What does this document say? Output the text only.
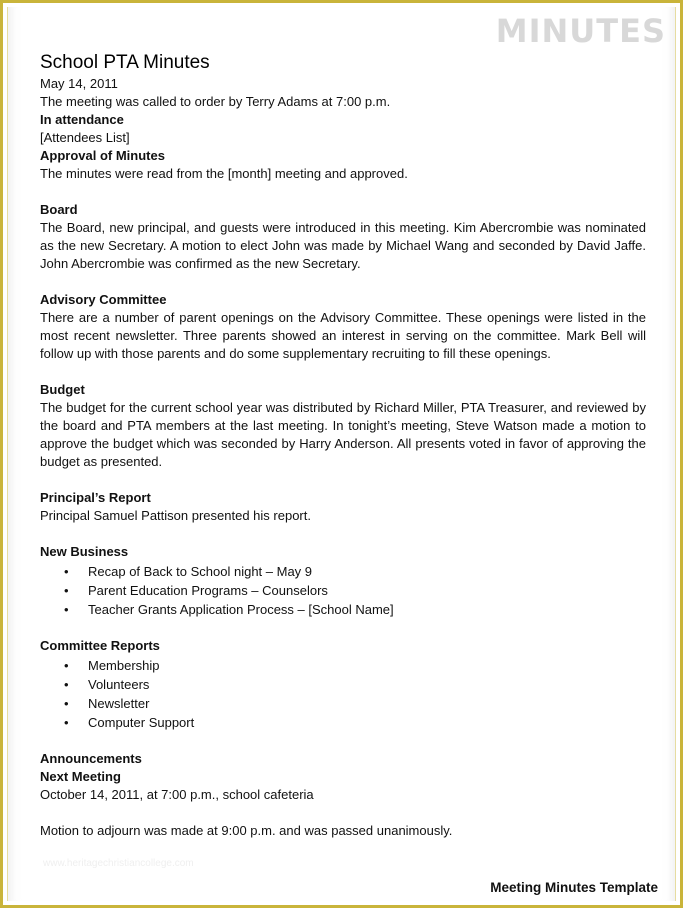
MINUTES
School PTA Minutes

May 14, 2011

The meeting was called to order by Terry Adams at 7:00 p.m.

In attendance

[Attendees List]

Approval of Minutes

The minutes were read from the [month] meeting and approved.

Board

The Board, new principal, and guests were introduced in this meeting. Kim Abercrombie was nominated as the new Secretary. A motion to elect John was made by Michael Wang and seconded by David Jaffe. John Abercrombie was confirmed as the new Secretary.

Advisory Committee

There are a number of parent openings on the Advisory Committee. These openings were listed in the most recent newsletter. Three parents showed an interest in serving on the committee. Mark Bell will follow up with those parents and do some supplementary recruiting to fill these openings.

Budget

The budget for the current school year was distributed by Richard Miller, PTA Treasurer, and reviewed by the board and PTA members at the last meeting. In tonight’s meeting, Steve Watson made a motion to approve the budget which was seconded by Harry Anderson. All presents voted in favor of approving the budget as presented.

Principal’s Report

Principal Samuel Pattison presented his report.

New Business

• Recap of Back to School night – May 9
• Parent Education Programs – Counselors
• Teacher Grants Application Process – [School Name]

Committee Reports

• Membership
• Volunteers
• Newsletter
• Computer Support

Announcements

Next Meeting

October 14, 2011, at 7:00 p.m., school cafeteria

Motion to adjourn was made at 9:00 p.m. and was passed unanimously.

www.heritagechristiancollege.com
Meeting Minutes Template
